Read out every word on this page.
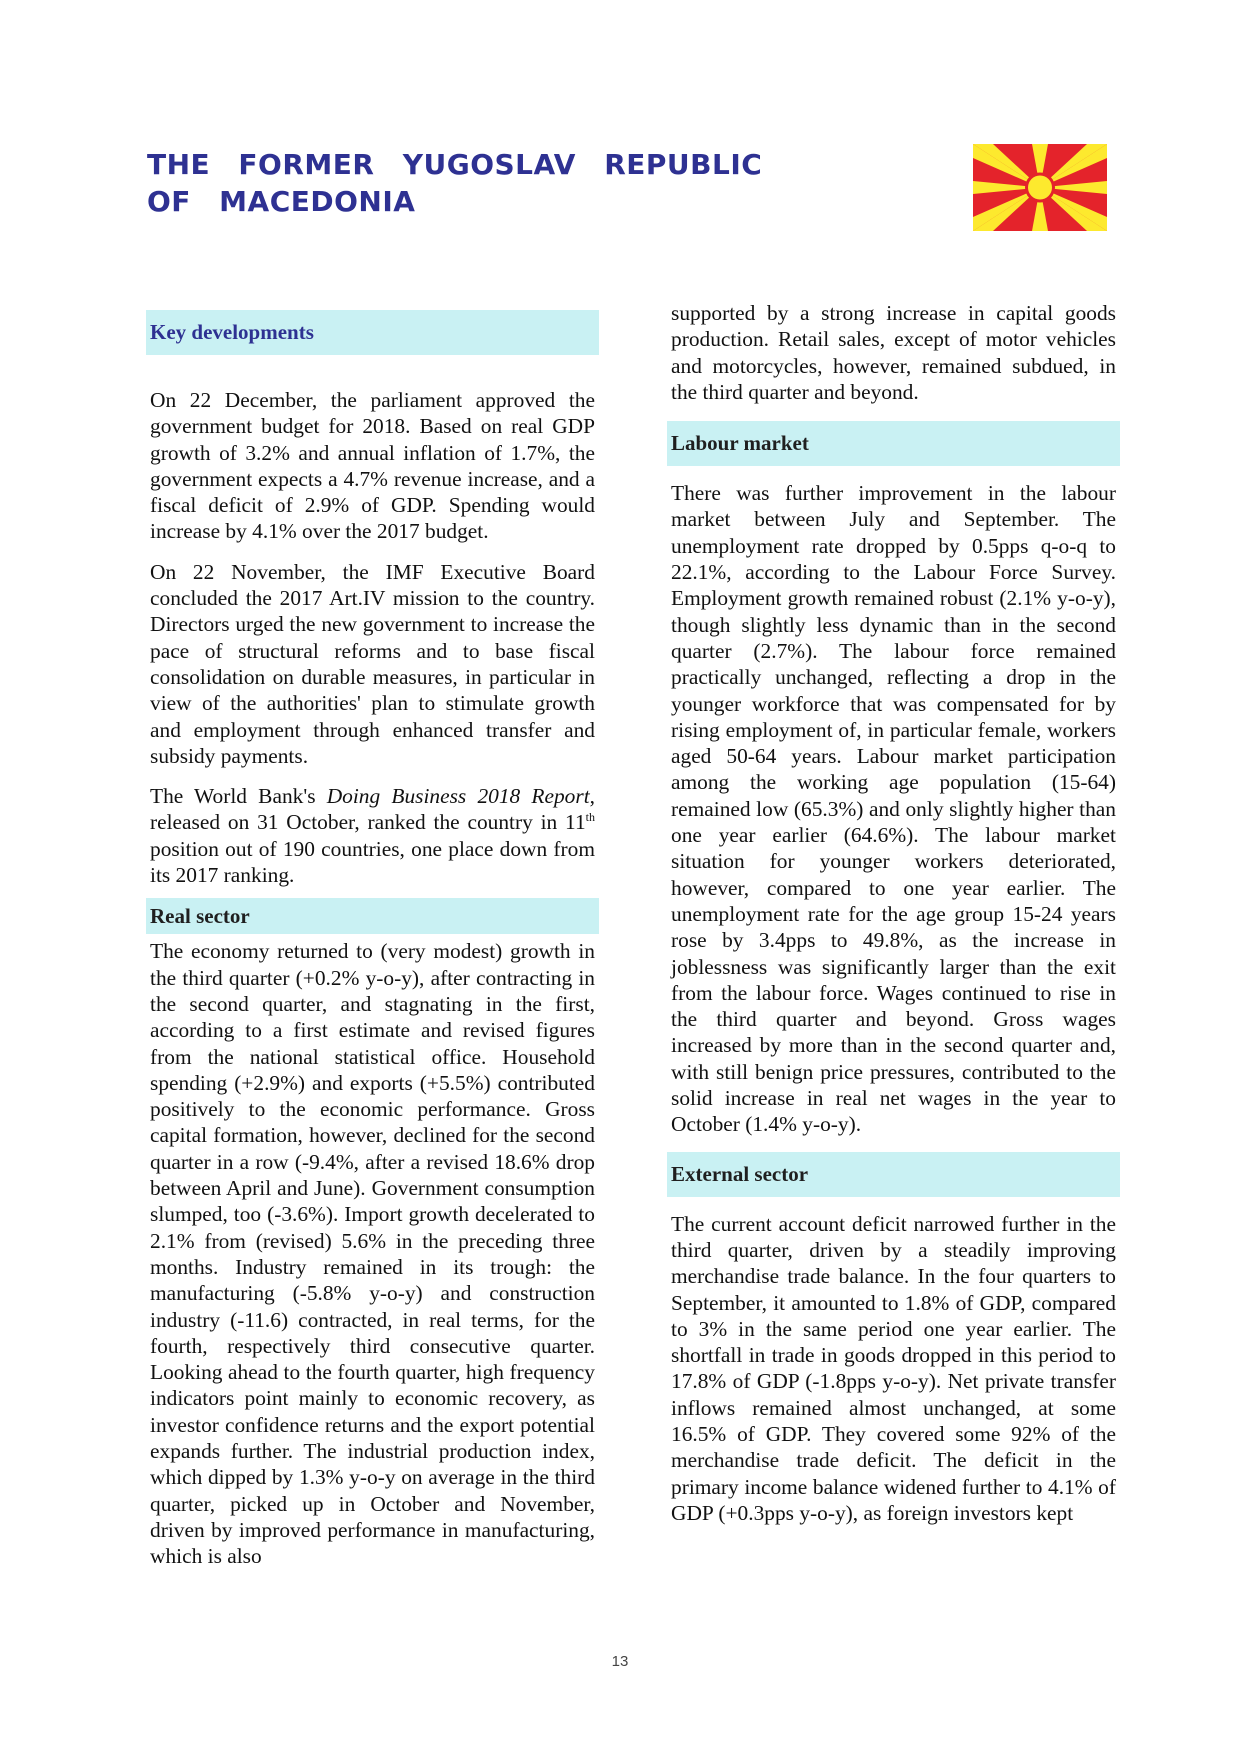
THE FORMER YUGOSLAV REPUBLIC
OF MACEDONIA
Key developments

On 22 December, the parliament approved the government budget for 2018. Based on real GDP growth of 3.2% and annual inflation of 1.7%, the government expects a 4.7% revenue increase, and a fiscal deficit of 2.9% of GDP. Spending would increase by 4.1% over the 2017 budget.

On 22 November, the IMF Executive Board concluded the 2017 Art.IV mission to the country. Directors urged the new government to increase the pace of structural reforms and to base fiscal consolidation on durable measures, in particular in view of the authorities' plan to stimulate growth and employment through enhanced transfer and subsidy payments.

The World Bank's Doing Business 2018 Report, released on 31 October, ranked the country in 11th position out of 190 countries, one place down from its 2017 ranking.

Real sector

The economy returned to (very modest) growth in the third quarter (+0.2% y-o-y), after contracting in the second quarter, and stagnating in the first, according to a first estimate and revised figures from the national statistical office. Household spending (+2.9%) and exports (+5.5%) contributed positively to the economic performance. Gross capital formation, however, declined for the second quarter in a row (-9.4%, after a revised 18.6% drop between April and June). Government consumption slumped, too (-3.6%). Import growth decelerated to 2.1% from (revised) 5.6% in the preceding three months. Industry remained in its trough: the manufacturing (-5.8% y-o-y) and construction industry (-11.6) contracted, in real terms, for the fourth, respectively third consecutive quarter. Looking ahead to the fourth quarter, high frequency indicators point mainly to economic recovery, as investor confidence returns and the export potential expands further. The industrial production index, which dipped by 1.3% y-o-y on average in the third quarter, picked up in October and November, driven by improved performance in manufacturing, which is also

supported by a strong increase in capital goods production. Retail sales, except of motor vehicles and motorcycles, however, remained subdued, in the third quarter and beyond.

Labour market

There was further improvement in the labour market between July and September. The unemployment rate dropped by 0.5pps q-o-q to 22.1%, according to the Labour Force Survey. Employment growth remained robust (2.1% y-o-y), though slightly less dynamic than in the second quarter (2.7%). The labour force remained practically unchanged, reflecting a drop in the younger workforce that was compensated for by rising employment of, in particular female, workers aged 50-64 years. Labour market participation among the working age population (15-64) remained low (65.3%) and only slightly higher than one year earlier (64.6%). The labour market situation for younger workers deteriorated, however, compared to one year earlier. The unemployment rate for the age group 15-24 years rose by 3.4pps to 49.8%, as the increase in joblessness was significantly larger than the exit from the labour force. Wages continued to rise in the third quarter and beyond. Gross wages increased by more than in the second quarter and, with still benign price pressures, contributed to the solid increase in real net wages in the year to October (1.4% y-o-y).

External sector

The current account deficit narrowed further in the third quarter, driven by a steadily improving merchandise trade balance. In the four quarters to September, it amounted to 1.8% of GDP, compared to 3% in the same period one year earlier. The shortfall in trade in goods dropped in this period to 17.8% of GDP (-1.8pps y-o-y). Net private transfer inflows remained almost unchanged, at some 16.5% of GDP. They covered some 92% of the merchandise trade deficit. The deficit in the primary income balance widened further to 4.1% of GDP (+0.3pps y-o-y), as foreign investors kept

13
